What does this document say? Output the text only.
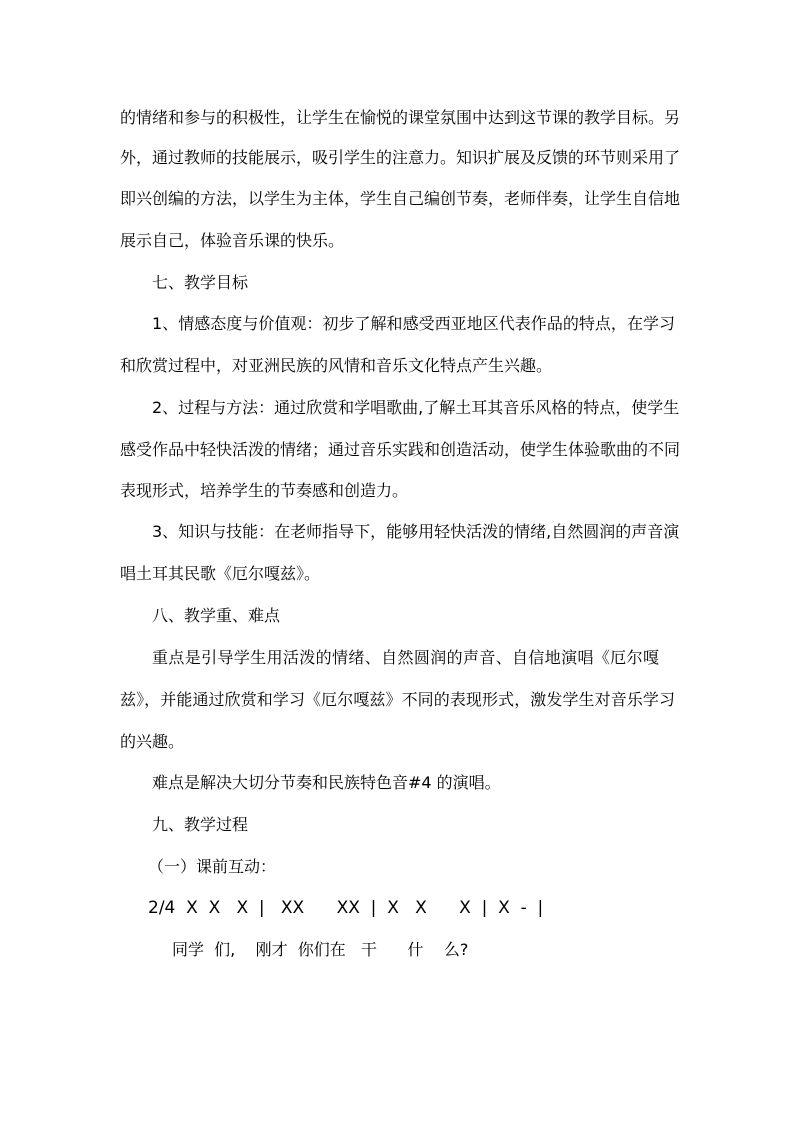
的情绪和参与的积极性，让学生在愉悦的课堂氛围中达到这节课的教学目标。另
外，通过教师的技能展示，吸引学生的注意力。知识扩展及反馈的环节则采用了
即兴创编的方法，以学生为主体，学生自己编创节奏，老师伴奏，让学生自信地
展示自己，体验音乐课的快乐。
七、教学目标
1、情感态度与价值观：初步了解和感受西亚地区代表作品的特点，在学习
和欣赏过程中，对亚洲民族的风情和音乐文化特点产生兴趣。
2、过程与方法：通过欣赏和学唱歌曲,了解土耳其音乐风格的特点，使学生
感受作品中轻快活泼的情绪；通过音乐实践和创造活动，使学生体验歌曲的不同
表现形式，培养学生的节奏感和创造力。
3、知识与技能：在老师指导下，能够用轻快活泼的情绪,自然圆润的声音演
唱土耳其民歌《厄尔嘎兹》。
八、教学重、难点
重点是引导学生用活泼的情绪、自然圆润的声音、自信地演唱《厄尔嘎
兹》，并能通过欣赏和学习《厄尔嘎兹》不同的表现形式，激发学生对音乐学习
的兴趣。
难点是解决大切分节奏和民族特色音#4 的演唱。
九、教学过程
（一）课前互动：
2/4  X  X   X  |   XX      XX  |  X   X      X  |  X  -  |
同学  们,    刚才  你们在   干      什    么?
